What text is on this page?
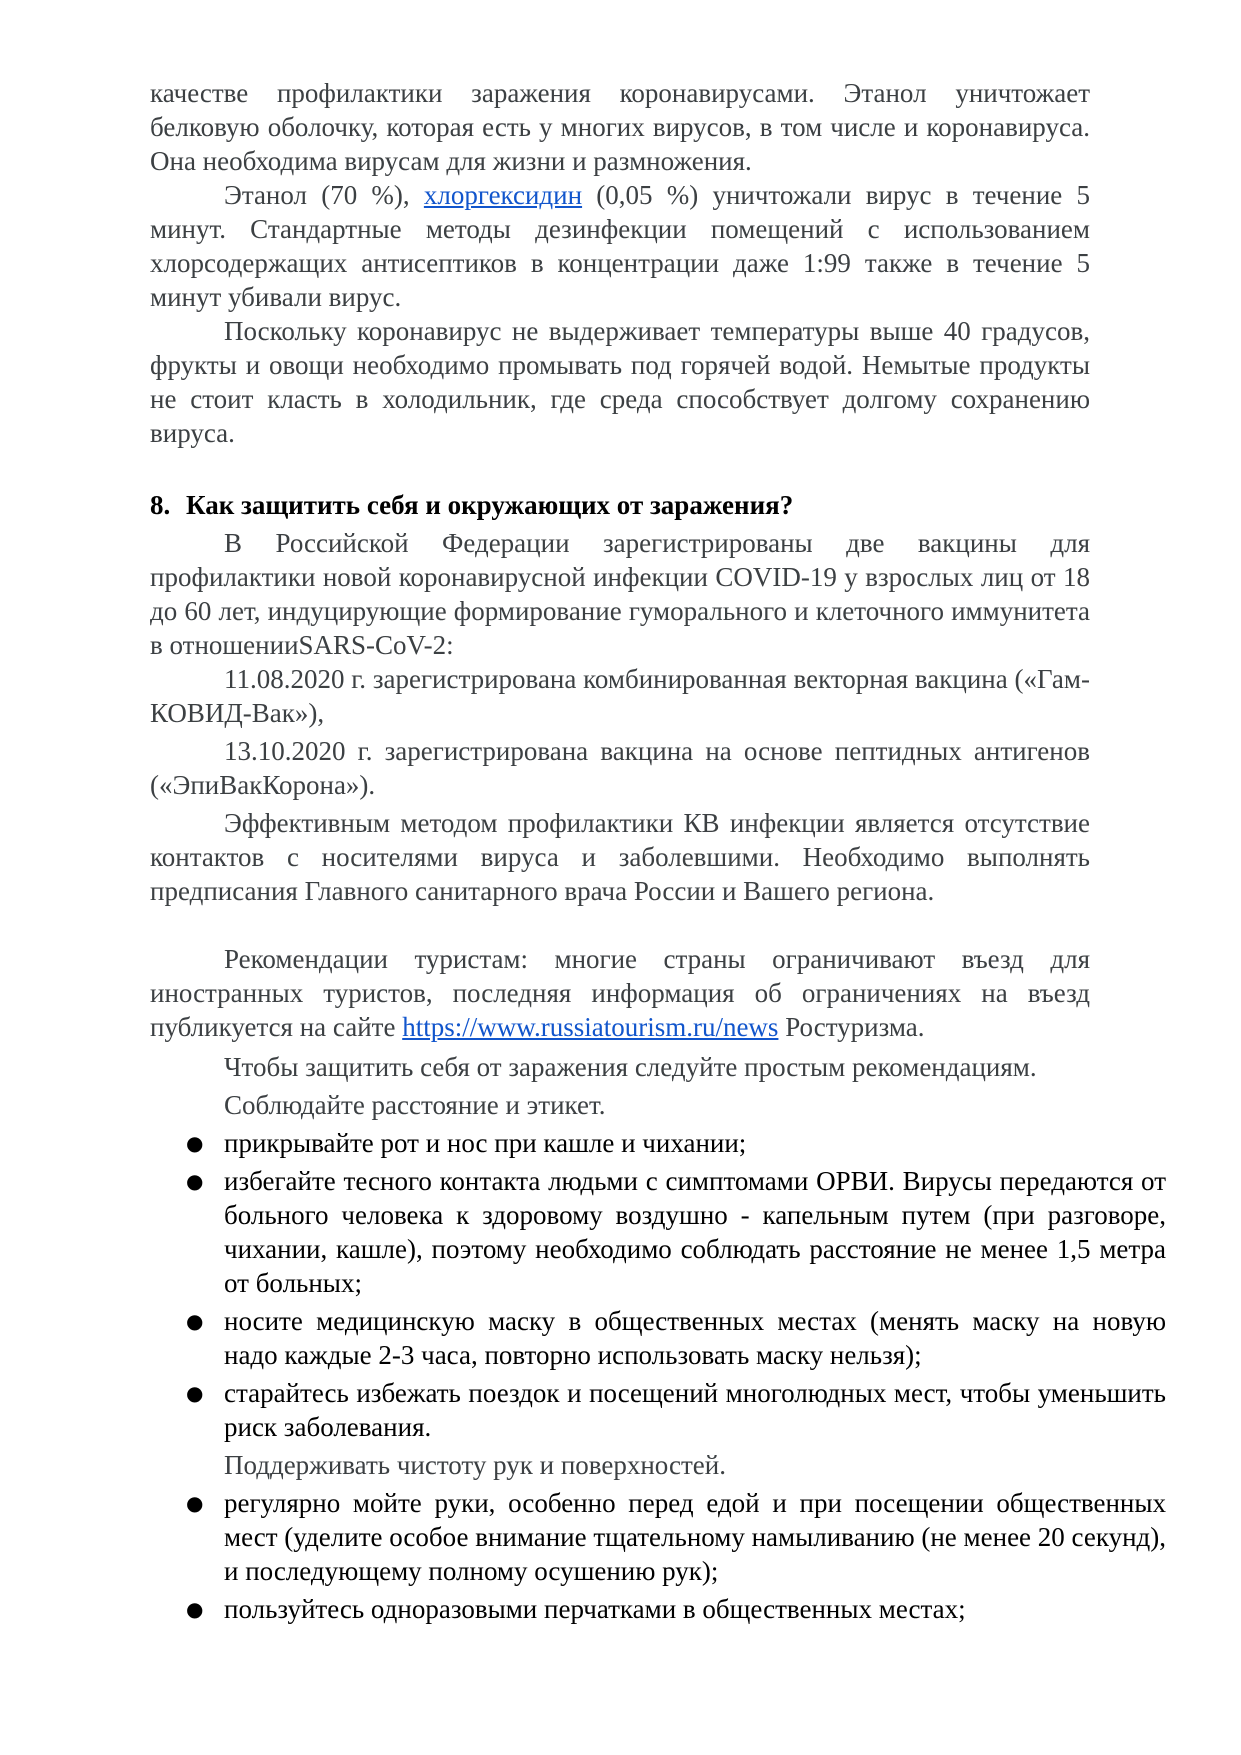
качестве профилактики заражения коронавирусами. Этанол уничтожает белковую оболочку, которая есть у многих вирусов, в том числе и коронавируса. Она необходима вирусам для жизни и размножения.

Этанол (70 %), хлоргексидин (0,05 %) уничтожали вирус в течение 5 минут. Стандартные методы дезинфекции помещений с использованием хлорсодержащих антисептиков в концентрации даже 1:99 также в течение 5 минут убивали вирус.

Поскольку коронавирус не выдерживает температуры выше 40 градусов, фрукты и овощи необходимо промывать под горячей водой. Немытые продукты не стоит класть в холодильник, где среда способствует долгому сохранению вируса.

8. Как защитить себя и окружающих от заражения?

В Российской Федерации зарегистрированы две вакцины для профилактики новой коронавирусной инфекции COVID-19 у взрослых лиц от 18 до 60 лет, индуцирующие формирование гуморального и клеточного иммунитета в отношенииSARS-CoV-2:

11.08.2020 г. зарегистрирована комбинированная векторная вакцина («Гам-КОВИД-Вак»),

13.10.2020 г. зарегистрирована вакцина на основе пептидных антигенов («ЭпиВакКорона»).

Эффективным методом профилактики КВ инфекции является отсутствие контактов с носителями вируса и заболевшими. Необходимо выполнять предписания Главного санитарного врача России и Вашего региона.

Рекомендации туристам: многие страны ограничивают въезд для иностранных туристов, последняя информация об ограничениях на въезд публикуется на сайте https://www.russiatourism.ru/news Ростуризма.

Чтобы защитить себя от заражения следуйте простым рекомендациям.

Соблюдайте расстояние и этикет.

● прикрывайте рот и нос при кашле и чихании;
● избегайте тесного контакта людьми с симптомами ОРВИ. Вирусы передаются от больного человека к здоровому воздушно - капельным путем (при разговоре, чихании, кашле), поэтому необходимо соблюдать расстояние не менее 1,5 метра от больных;
● носите медицинскую маску в общественных местах (менять маску на новую надо каждые 2-3 часа, повторно использовать маску нельзя);
● старайтесь избежать поездок и посещений многолюдных мест, чтобы уменьшить риск заболевания.

Поддерживать чистоту рук и поверхностей.

● регулярно мойте руки, особенно перед едой и при посещении общественных мест (уделите особое внимание тщательному намыливанию (не менее 20 секунд), и последующему полному осушению рук);
● пользуйтесь одноразовыми перчатками в общественных местах;
